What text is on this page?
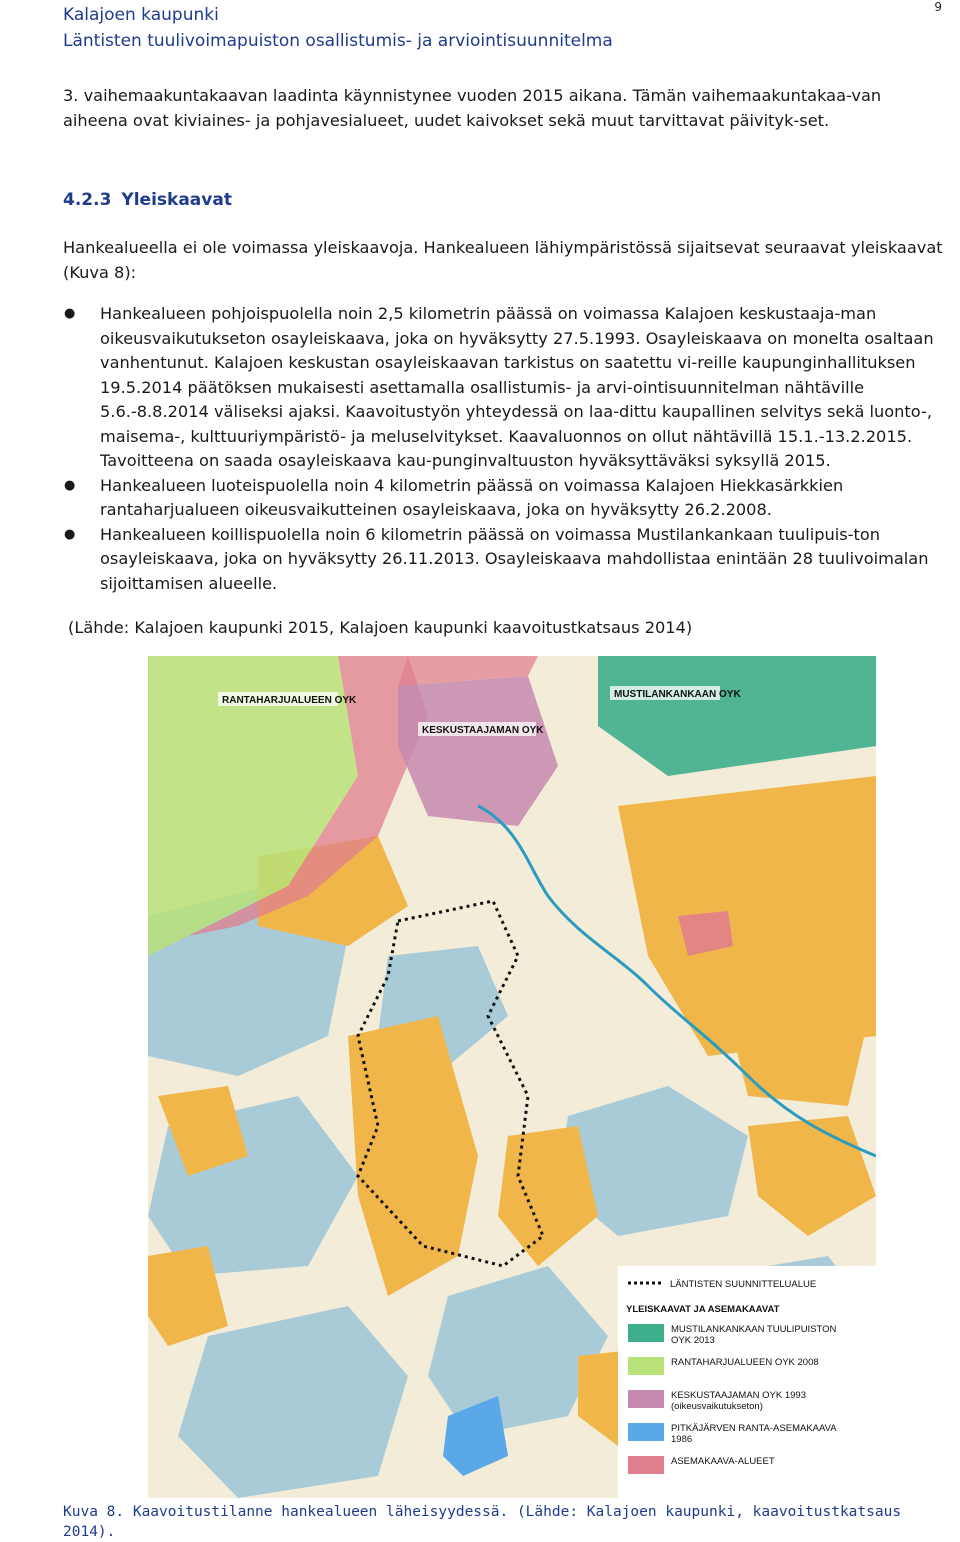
Kalajoen kaupunki
Läntisten tuulivoimapuiston osallistumis- ja arviointisuunnitelma
9
3. vaihemaakuntakaavan laadinta käynnistynee vuoden 2015 aikana. Tämän vaihemaakuntakaa-van aiheena ovat kiviaines- ja pohjavesialueet, uudet kaivokset sekä muut tarvittavat päivityk-set.
4.2.3 Yleiskaavat
Hankealueella ei ole voimassa yleiskaavoja. Hankealueen lähiympäristössä sijaitsevat seuraavat yleiskaavat (Kuva 8):
● Hankealueen pohjoispuolella noin 2,5 kilometrin päässä on voimassa Kalajoen keskustaaja-man oikeusvaikutukseton osayleiskaava, joka on hyväksytty 27.5.1993. Osayleiskaava on monelta osaltaan vanhentunut. Kalajoen keskustan osayleiskaavan tarkistus on saatettu vi-reille kaupunginhallituksen 19.5.2014 päätöksen mukaisesti asettamalla osallistumis- ja arvi-ointisuunnitelman nähtäville 5.6.-8.8.2014 väliseksi ajaksi. Kaavoitustyön yhteydessä on laa-dittu kaupallinen selvitys sekä luonto-, maisema-, kulttuuriympäristö- ja meluselvitykset. Kaavaluonnos on ollut nähtävillä 15.1.-13.2.2015. Tavoitteena on saada osayleiskaava kau-punginvaltuuston hyväksyttäväksi syksyllä 2015.
● Hankealueen luoteispuolella noin 4 kilometrin päässä on voimassa Kalajoen Hiekkasärkkien rantaharjualueen oikeusvaikutteinen osayleiskaava, joka on hyväksytty 26.2.2008.
● Hankealueen koillispuolella noin 6 kilometrin päässä on voimassa Mustilankankaan tuulipuis-ton osayleiskaava, joka on hyväksytty 26.11.2013. Osayleiskaava mahdollistaa enintään 28 tuulivoimalan sijoittamisen alueelle.
(Lähde: Kalajoen kaupunki 2015, Kalajoen kaupunki kaavoitustkatsaus 2014)
MUSTILANKANKAAN OYK
RANTAHARJUALUEEN OYK
KESKUSTAAJAMAN OYK
LÄNTISTEN SUUNNITTELUALUE
YLEISKAAVAT JA ASEMAKAAVAT
MUSTILANKANKAAN TUULIPUISTON
OYK 2013
RANTAHARJUALUEEN OYK 2008
KESKUSTAAJAMAN OYK 1993
(oikeusvaikutukseton)
PITKÄJÄRVEN RANTA-ASEMAKAAVA
1986
ASEMAKAAVA-ALUEET
Kuva 8. Kaavoitustilanne hankealueen läheisyydessä. (Lähde: Kalajoen kaupunki, kaavoitustkatsaus 2014).
